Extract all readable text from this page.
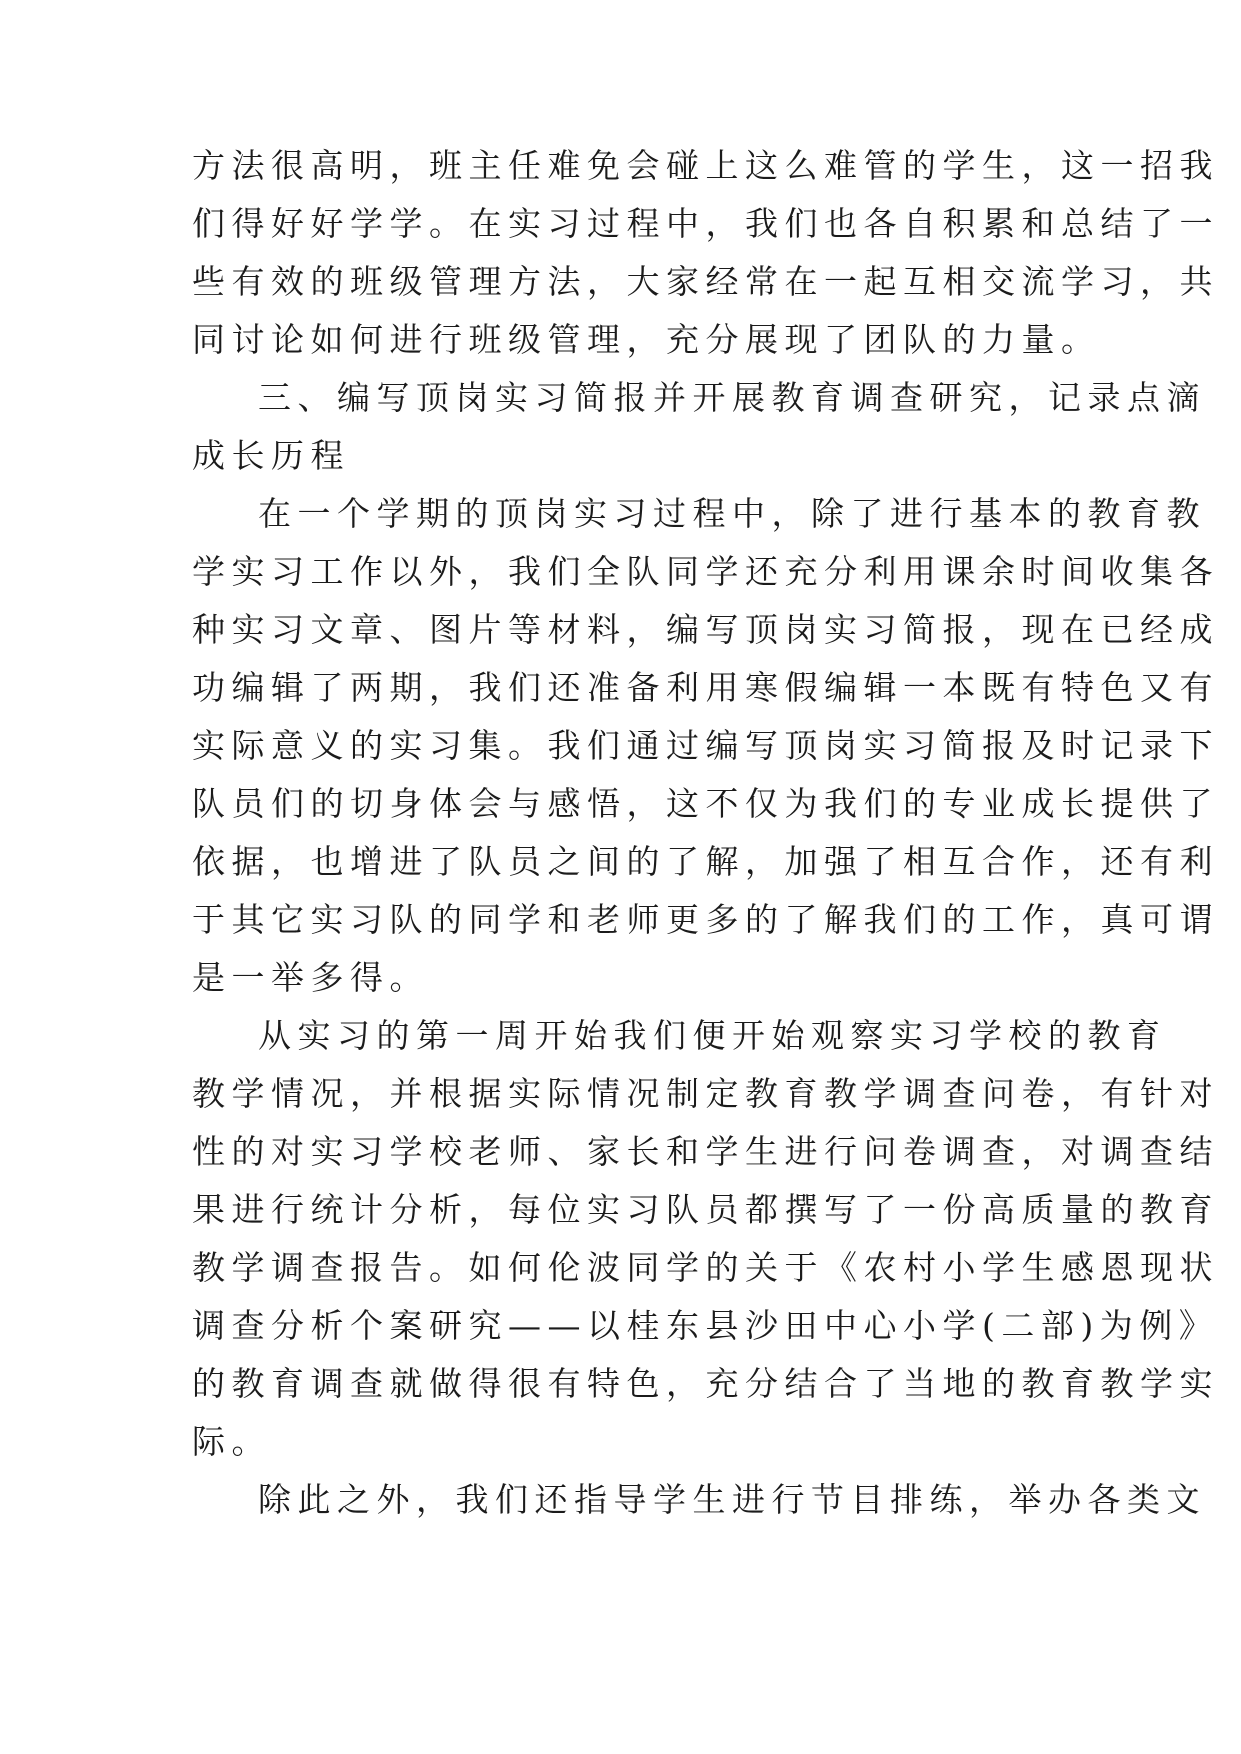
方法很高明，班主任难免会碰上这么难管的学生，这一招我
们得好好学学。在实习过程中，我们也各自积累和总结了一
些有效的班级管理方法，大家经常在一起互相交流学习，共
同讨论如何进行班级管理，充分展现了团队的力量。
三、编写顶岗实习简报并开展教育调查研究，记录点滴
成长历程
在一个学期的顶岗实习过程中，除了进行基本的教育教
学实习工作以外，我们全队同学还充分利用课余时间收集各
种实习文章、图片等材料，编写顶岗实习简报，现在已经成
功编辑了两期，我们还准备利用寒假编辑一本既有特色又有
实际意义的实习集。我们通过编写顶岗实习简报及时记录下
队员们的切身体会与感悟，这不仅为我们的专业成长提供了
依据，也增进了队员之间的了解，加强了相互合作，还有利
于其它实习队的同学和老师更多的了解我们的工作，真可谓
是一举多得。
从实习的第一周开始我们便开始观察实习学校的教育
教学情况，并根据实际情况制定教育教学调查问卷，有针对
性的对实习学校老师、家长和学生进行问卷调查，对调查结
果进行统计分析，每位实习队员都撰写了一份高质量的教育
教学调查报告。如何伦波同学的关于《农村小学生感恩现状
调查分析个案研究——以桂东县沙田中心小学(二部)为例》
的教育调查就做得很有特色，充分结合了当地的教育教学实
际。
除此之外，我们还指导学生进行节目排练，举办各类文
